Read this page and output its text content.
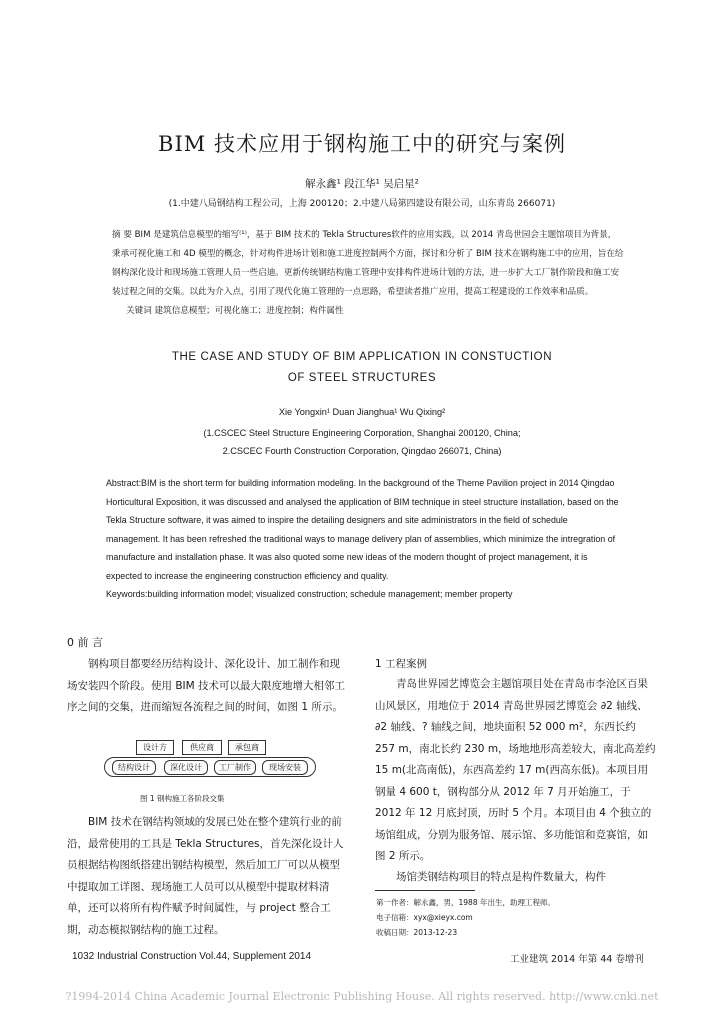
BIM 技术应用于钢构施工中的研究与案例
解永鑫¹ 段江华¹ 吴启星²
(1.中建八局钢结构工程公司，上海 200120；2.中建八局第四建设有限公司，山东青岛 266071)
摘 要 BIM 是建筑信息模型的缩写⁽¹⁾，基于 BIM 技术的 Tekla Structures软件的应用实践，以 2014 青岛世园会主题馆项目为背景，秉承可视化施工和 4D 模型的概念，针对构件进场计划和施工进度控制两个方面，探讨和分析了 BIM 技术在钢构施工中的应用，旨在给钢构深化设计和现场施工管理人员一些启迪。更新传统钢结构施工管理中安排构件进场计划的方法，进一步扩大工厂制作阶段和施工安装过程之间的交集。以此为介入点，引用了现代化施工管理的一点思路，希望读者推广应用，提高工程建设的工作效率和品质。
关键词 建筑信息模型；可视化施工；进度控制；构件属性
THE CASE AND STUDY OF BIM APPLICATION IN CONSTUCTION
OF STEEL STRUCTURES
Xie Yongxin¹ Duan Jianghua¹ Wu Qixing²
(1.CSCEC Steel Structure Engineering Corporation, Shanghai 200120, China;
2.CSCEC Fourth Construction Corporation, Qingdao 266071, China)
Abstract:BIM is the short term for building information modeling. In the background of the Theme Pavilion project in 2014 Qingdao Horticultural Exposition, it was discussed and analysed the application of BIM technique in steel structure installation, based on the Tekla Structure software, it was aimed to inspire the detailing designers and site administrators in the field of schedule management. It has been refreshed the traditional ways to manage delivery plan of assemblies, which minimize the intregration of manufacture and installation phase. It was also quoted some new ideas of the modern thought of project management, it is expected to increase the engineering construction efficiency and quality.
Keywords:building information model; visualized construction; schedule management; member property
0 前 言
钢构项目都要经历结构设计、深化设计、加工制作和现场安装四个阶段。使用 BIM 技术可以最大限度地增大相邻工序之间的交集，进而缩短各流程之间的时间，如图 1 所示。
设计方	供应商	承包商
结构设计	深化设计	工厂制作	现场安装
图 1 钢构施工各阶段交集
BIM 技术在钢结构领域的发展已处在整个建筑行业的前沿，最常使用的工具是 Tekla Structures，首先深化设计人员根据结构图纸搭建出钢结构模型，然后加工厂可以从模型中提取加工详图、现场施工人员可以从模型中提取材料清单，还可以将所有构件赋予时间属性，与 project 整合工期，动态模拟钢结构的施工过程。
1 工程案例
青岛世界园艺博览会主题馆项目处在青岛市李沧区百果山风景区，用地位于 2014 青岛世界园艺博览会 ∂2 轴线、∂2 轴线、? 轴线之间，地块面积 52 000 m²，东西长约 257 m，南北长约 230 m，场地地形高差较大，南北高差约 15 m(北高南低)，东西高差约 17 m(西高东低)。本项目用钢量 4 600 t，钢构部分从 2012 年 7 月开始施工，于 2012 年 12 月底封顶，历时 5 个月。本项目由 4 个独立的场馆组成，分别为服务馆、展示馆、多功能馆和竞赛馆，如图 2 所示。
场馆类钢结构项目的特点是构件数量大，构件
第一作者：解永鑫，男，1988 年出生，助理工程师。
电子信箱：xyx@xieyx.com
收稿日期：2013-12-23
1032 Industrial Construction Vol.44, Supplement 2014	工业建筑 2014 年第 44 卷增刊
?1994-2014 China Academic Journal Electronic Publishing House. All rights reserved. http://www.cnki.net
